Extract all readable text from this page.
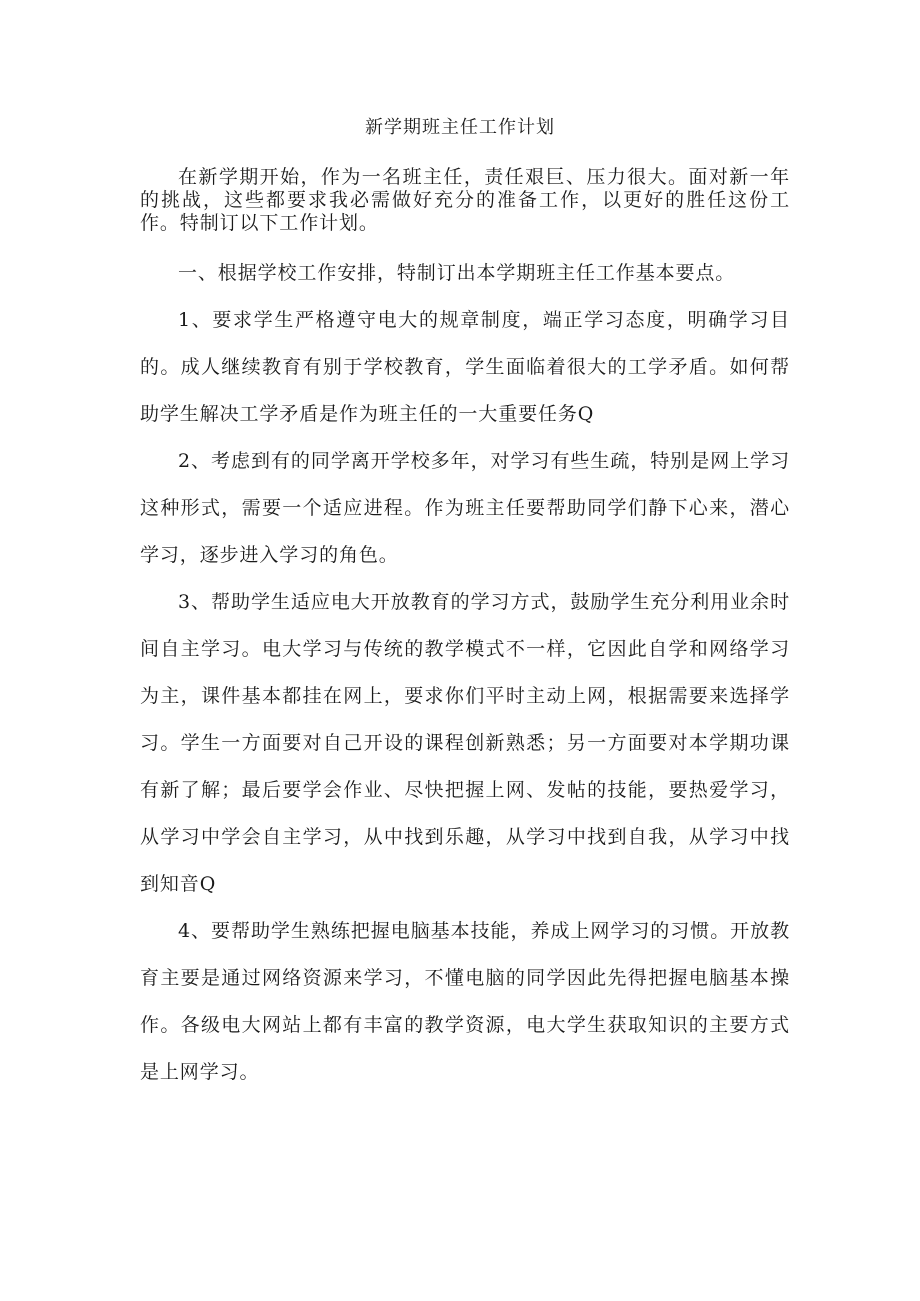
新学期班主任工作计划

在新学期开始，作为一名班主任，责任艰巨、压力很大。面对新一年的挑战，这些都要求我必需做好充分的准备工作，以更好的胜任这份工作。特制订以下工作计划。

一、根据学校工作安排，特制订出本学期班主任工作基本要点。

1、要求学生严格遵守电大的规章制度，端正学习态度，明确学习目的。成人继续教育有别于学校教育，学生面临着很大的工学矛盾。如何帮助学生解决工学矛盾是作为班主任的一大重要任务Q

2、考虑到有的同学离开学校多年，对学习有些生疏，特别是网上学习这种形式，需要一个适应进程。作为班主任要帮助同学们静下心来，潜心学习，逐步进入学习的角色。

3、帮助学生适应电大开放教育的学习方式，鼓励学生充分利用业余时间自主学习。电大学习与传统的教学模式不一样，它因此自学和网络学习为主，课件基本都挂在网上，要求你们平时主动上网，根据需要来选择学习。学生一方面要对自己开设的课程创新熟悉；另一方面要对本学期功课有新了解；最后要学会作业、尽快把握上网、发帖的技能，要热爱学习，从学习中学会自主学习，从中找到乐趣，从学习中找到自我，从学习中找到知音Q

4、要帮助学生熟练把握电脑基本技能，养成上网学习的习惯。开放教育主要是通过网络资源来学习，不懂电脑的同学因此先得把握电脑基本操作。各级电大网站上都有丰富的教学资源，电大学生获取知识的主要方式是上网学习。
